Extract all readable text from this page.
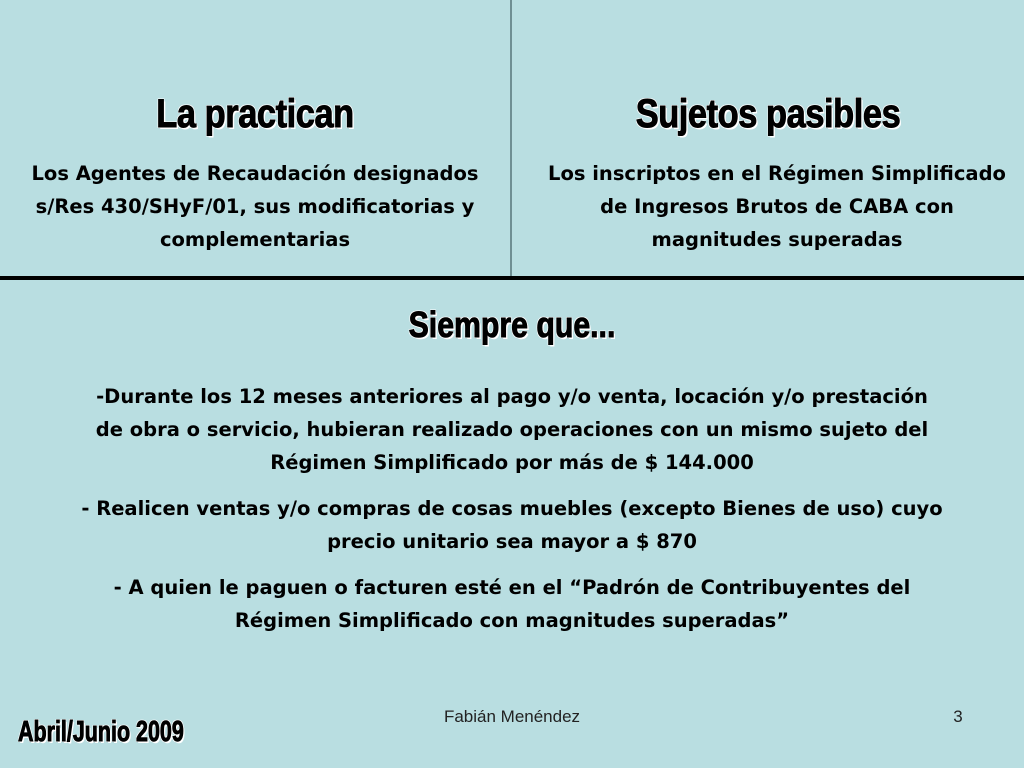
La practican
Los Agentes de Recaudación designados s/Res 430/SHyF/01, sus modificatorias y complementarias
Sujetos pasibles
Los inscriptos en el Régimen Simplificado de Ingresos Brutos de CABA con magnitudes superadas
Siempre que...

-Durante los 12 meses anteriores al pago y/o venta, locación y/o prestación de obra o servicio, hubieran realizado operaciones con un mismo sujeto del Régimen Simplificado por más de $ 144.000

- Realicen ventas y/o compras de cosas muebles (excepto Bienes de uso) cuyo precio unitario sea mayor a $ 870

- A quien le paguen o facturen esté en el “Padrón de Contribuyentes del Régimen Simplificado con magnitudes superadas”

Fabián Menéndez	3
Abril/Junio 2009
